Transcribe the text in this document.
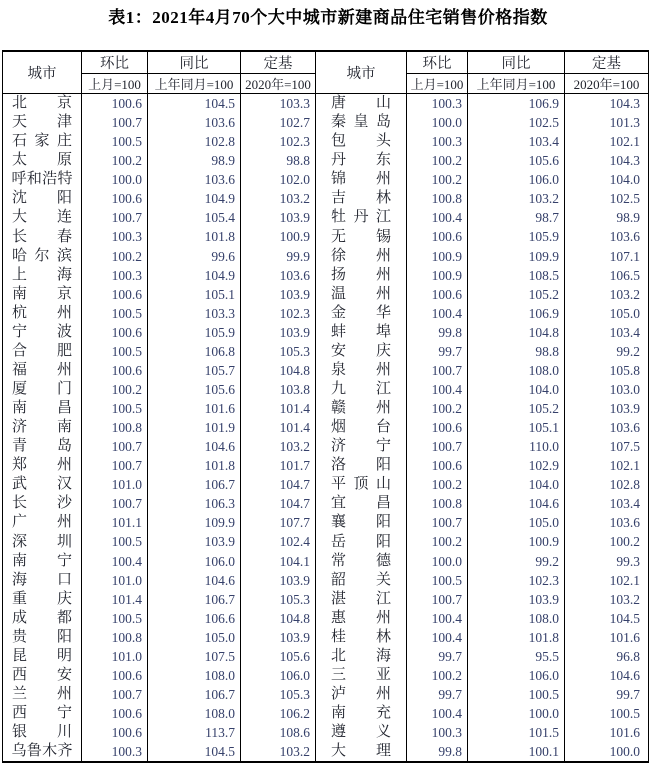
表1：2021年4月70个大中城市新建商品住宅销售价格指数
城市	环比	同比	定基	城市	环比	同比	定基
	上月=100	上年同月=100	2020年=100		上月=100	上年同月=100	2020年=100

北 京	100.6	104.5	103.3	唐 山	100.3	106.9	104.3

天 津	100.7	103.6	102.7	秦 皇 岛	100.0	102.5	101.3

石 家 庄	100.5	102.8	102.3	包 头	100.3	103.4	102.1

太 原	100.2	98.9	98.8	丹 东	100.2	105.6	104.3

呼 和 浩 特	100.0	103.6	102.0	锦 州	100.2	106.0	104.0

沈 阳	100.6	104.9	103.2	吉 林	100.8	103.2	102.5

大 连	100.7	105.4	103.9	牡 丹 江	100.4	98.7	98.9

长 春	100.3	101.8	100.9	无 锡	100.6	105.9	103.6

哈 尔 滨	100.2	99.6	99.9	徐 州	100.9	109.9	107.1

上 海	100.3	104.9	103.6	扬 州	100.9	108.5	106.5

南 京	100.6	105.1	103.9	温 州	100.6	105.2	103.2

杭 州	100.5	103.3	102.3	金 华	100.4	106.9	105.0

宁 波	100.6	105.9	103.9	蚌 埠	99.8	104.8	103.4

合 肥	100.5	106.8	105.3	安 庆	99.7	98.8	99.2

福 州	100.6	105.7	104.8	泉 州	100.7	108.0	105.8

厦 门	100.2	105.6	103.8	九 江	100.4	104.0	103.0

南 昌	100.5	101.6	101.4	赣 州	100.2	105.2	103.9

济 南	100.8	101.9	101.4	烟 台	100.6	105.1	103.6

青 岛	100.7	104.6	103.2	济 宁	100.7	110.0	107.5

郑 州	100.7	101.8	101.7	洛 阳	100.6	102.9	102.1

武 汉	101.0	106.7	104.7	平 顶 山	100.2	104.0	102.8

长 沙	100.7	106.3	104.7	宜 昌	100.8	104.6	103.4

广 州	101.1	109.9	107.7	襄 阳	100.7	105.0	103.6

深 圳	100.5	103.9	102.4	岳 阳	100.2	100.9	100.2

南 宁	100.4	106.0	104.1	常 德	100.0	99.2	99.3

海 口	101.0	104.6	103.9	韶 关	100.5	102.3	102.1

重 庆	101.4	106.7	105.3	湛 江	100.7	103.9	103.2

成 都	100.5	106.6	104.8	惠 州	100.4	108.0	104.5

贵 阳	100.8	105.0	103.9	桂 林	100.4	101.8	101.6

昆 明	101.0	107.5	105.6	北 海	99.7	95.5	96.8

西 安	100.6	108.0	106.0	三 亚	100.2	106.0	104.6

兰 州	100.7	106.7	105.3	泸 州	99.7	100.5	99.7

西 宁	100.6	108.0	106.2	南 充	100.4	100.0	100.5

银 川	100.6	113.7	108.6	遵 义	100.3	101.5	101.6

乌 鲁 木 齐	100.3	104.5	103.2	大 理	99.8	100.1	100.0
